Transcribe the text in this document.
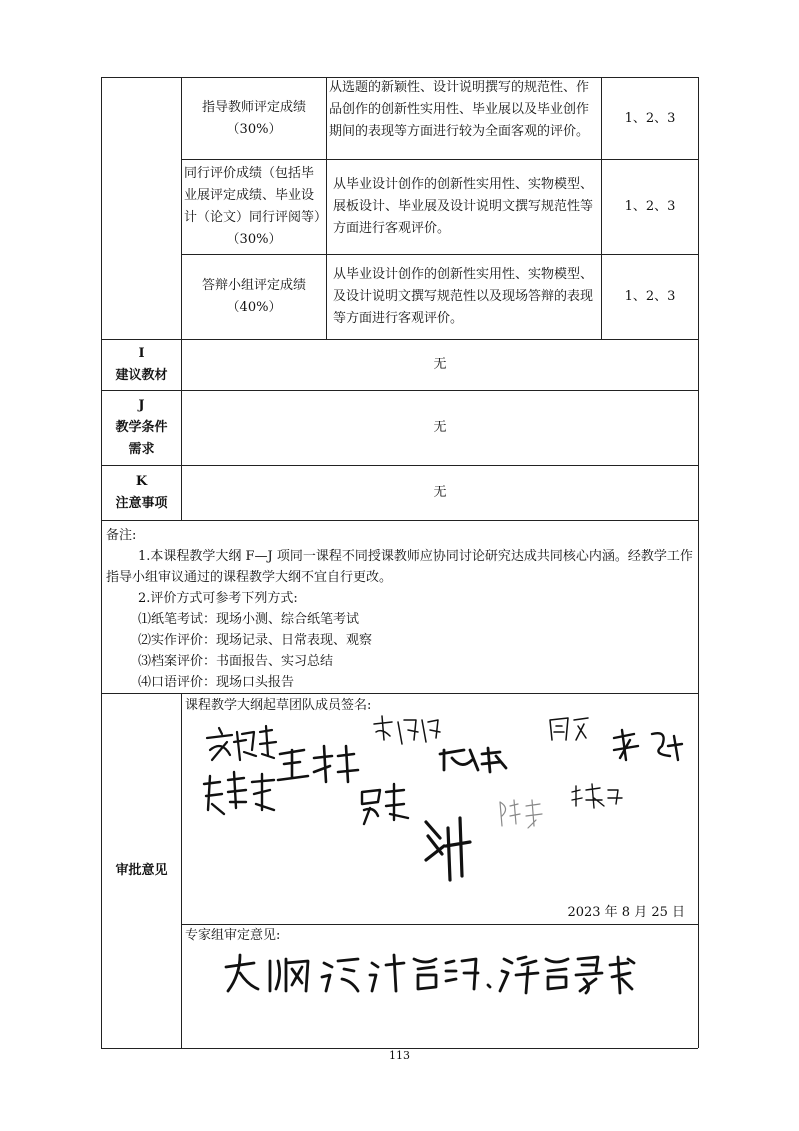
指导教师评定成绩
（30%）
从选题的新颖性、设计说明撰写的规范性、作品创作的创新性实用性、毕业展以及毕业创作期间的表现等方面进行较为全面客观的评价。
1、2、3
同行评价成绩（包括毕业展评定成绩、毕业设计（论文）同行评阅等）
（30%）
从毕业设计创作的创新性实用性、实物模型、展板设计、毕业展及设计说明文撰写规范性等方面进行客观评价。
1、2、3
答辩小组评定成绩
（40%）
从毕业设计创作的创新性实用性、实物模型、及设计说明文撰写规范性以及现场答辩的表现等方面进行客观评价。
1、2、3
I
建议教材
无
J
教学条件需求
无
K
注意事项
无
备注:
1.本课程教学大纲 F—J 项同一课程不同授课教师应协同讨论研究达成共同核心内涵。经教学工作指导小组审议通过的课程教学大纲不宜自行更改。
2.评价方式可参考下列方式:
⑴纸笔考试：现场小测、综合纸笔考试
⑵实作评价：现场记录、日常表现、观察
⑶档案评价：书面报告、实习总结
⑷口语评价：现场口头报告
审批意见
课程教学大纲起草团队成员签名:
2023 年 8 月 25 日
专家组审定意见:
113
